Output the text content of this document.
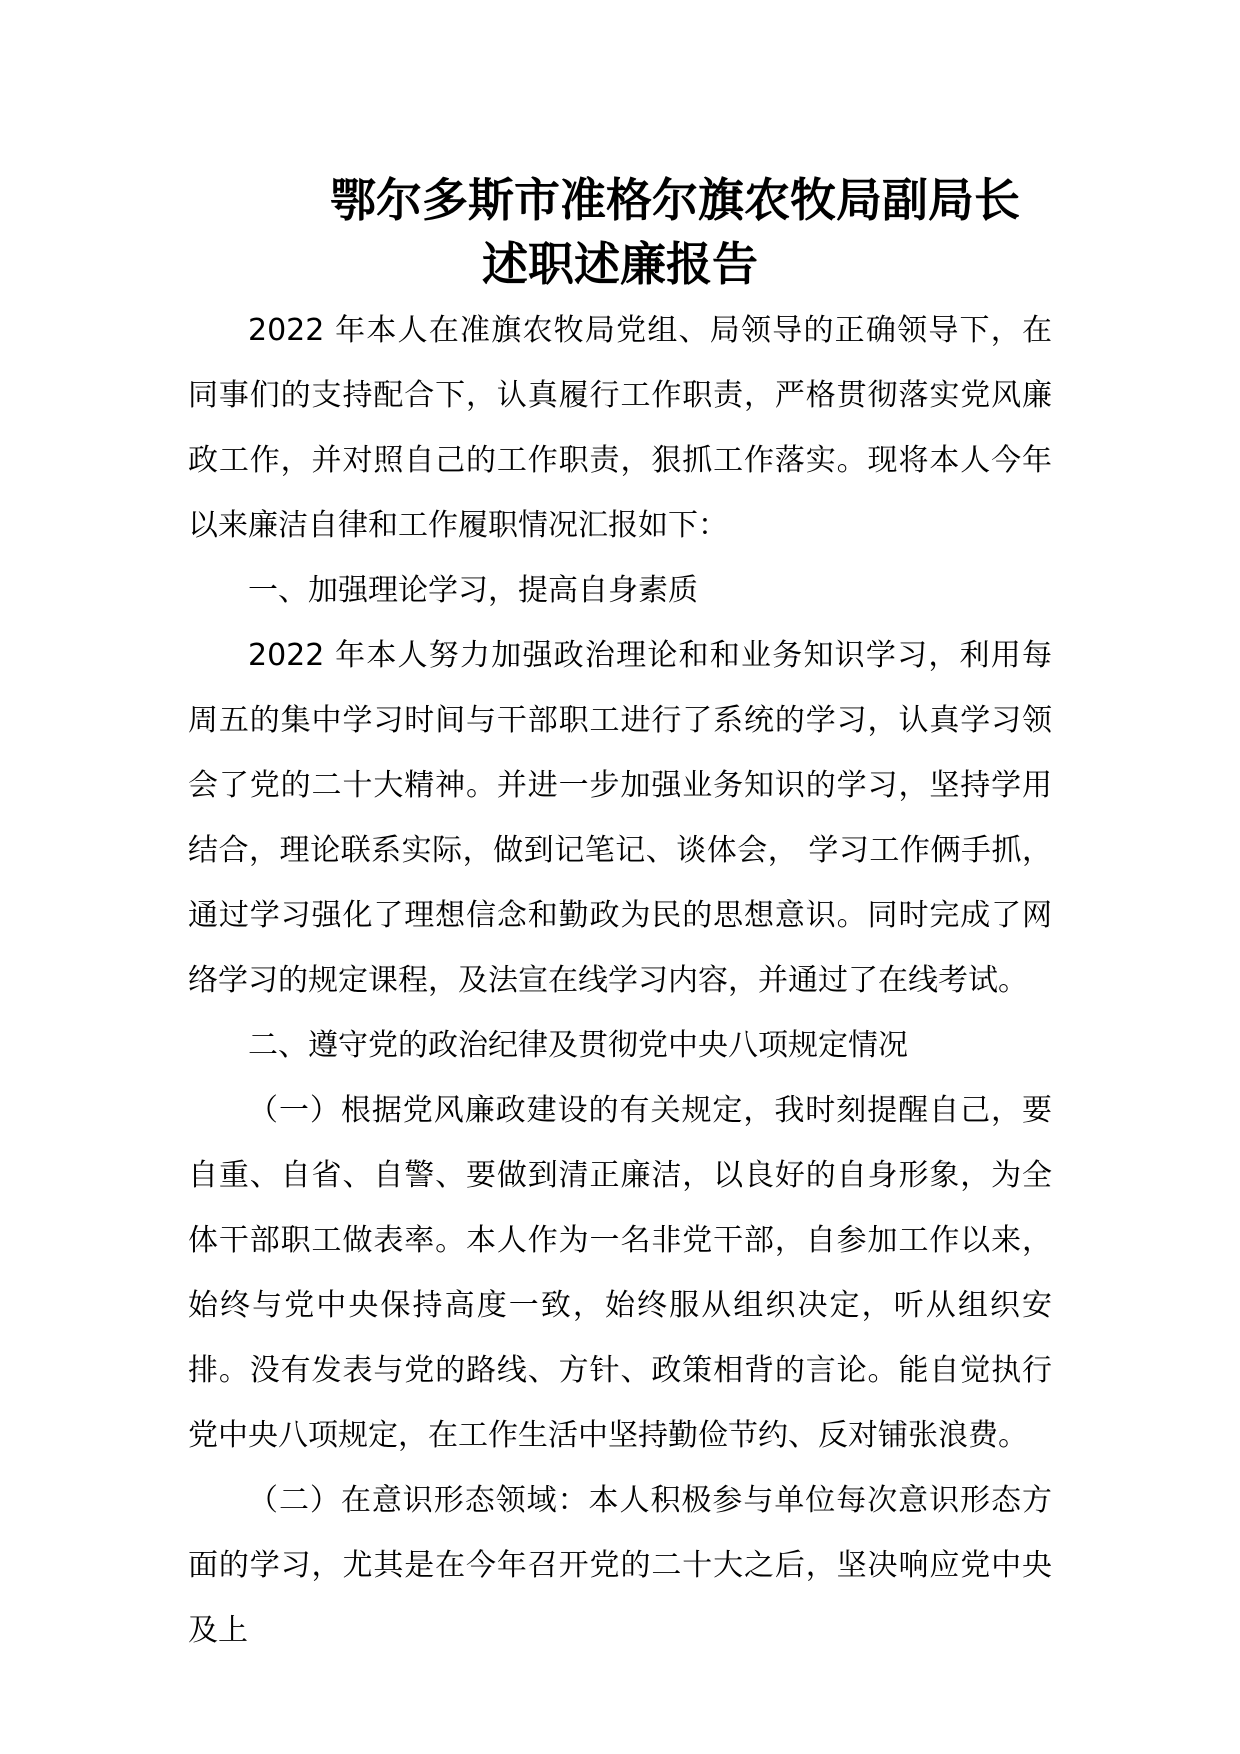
鄂尔多斯市准格尔旗农牧局副局长
述职述廉报告

2022 年本人在准旗农牧局党组、局领导的正确领导下，在同事们的支持配合下，认真履行工作职责，严格贯彻落实党风廉政工作，并对照自己的工作职责，狠抓工作落实。现将本人今年以来廉洁自律和工作履职情况汇报如下：

一、加强理论学习，提高自身素质

2022 年本人努力加强政治理论和和业务知识学习，利用每周五的集中学习时间与干部职工进行了系统的学习，认真学习领会了党的二十大精神。并进一步加强业务知识的学习，坚持学用结合，理论联系实际，做到记笔记、谈体会， 学习工作俩手抓，通过学习强化了理想信念和勤政为民的思想意识。同时完成了网络学习的规定课程，及法宣在线学习内容，并通过了在线考试。

二、遵守党的政治纪律及贯彻党中央八项规定情况

（一）根据党风廉政建设的有关规定，我时刻提醒自己，要自重、自省、自警、要做到清正廉洁，以良好的自身形象，为全体干部职工做表率。本人作为一名非党干部，自参加工作以来，始终与党中央保持高度一致，始终服从组织决定，听从组织安排。没有发表与党的路线、方针、政策相背的言论。能自觉执行党中央八项规定，在工作生活中坚持勤俭节约、反对铺张浪费。

（二）在意识形态领域：本人积极参与单位每次意识形态方面的学习，尤其是在今年召开党的二十大之后，坚决响应党中央及上
